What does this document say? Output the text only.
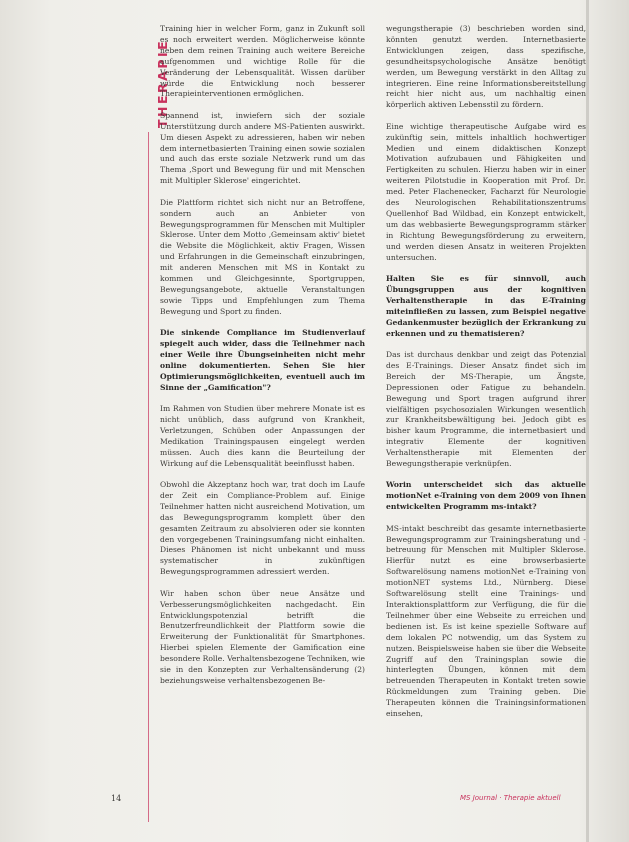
THERAPIE

Training hier in welcher Form, ganz in Zukunft soll es noch erweitert werden. Möglicherweise könnte neben dem reinen Training auch weitere Bereiche aufgenommen und wichtige Rolle für die Veränderung der Lebensqualität. Wissen darüber würde die Entwicklung noch besserer Therapieinterventionen ermöglichen.

Spannend ist, inwiefern sich der soziale Unterstützung durch andere MS-Patienten auswirkt. Um diesen Aspekt zu adressieren, haben wir neben dem internetbasierten Training einen sowie sozialen und auch das erste soziale Netzwerk rund um das Thema ‚Sport und Bewegung für und mit Menschen mit Multipler Sklerose' eingerichtet.

Die Plattform richtet sich nicht nur an Betroffene, sondern auch an Anbieter von Bewegungsprogrammen für Menschen mit Multipler Sklerose. Unter dem Motto ‚Gemeinsam aktiv' bietet die Website die Möglichkeit, aktiv Fragen, Wissen und Erfahrungen in die Gemeinschaft einzubringen, mit anderen Menschen mit MS in Kontakt zu kommen und Gleichgesinnte, Sportgruppen, Bewegungsangebote, aktuelle Veranstaltungen sowie Tipps und Empfehlungen zum Thema Bewegung und Sport zu finden.

Die sinkende Compliance im Studienverlauf spiegelt auch wider, dass die Teilnehmer nach einer Weile ihre Übungseinheiten nicht mehr online dokumentierten. Sehen Sie hier Optimierungsmöglichkeiten, eventuell auch im Sinne der „Gamification"?

Im Rahmen von Studien über mehrere Monate ist es nicht unüblich, dass aufgrund von Krankheit, Verletzungen, Schüben oder Anpassungen der Medikation Trainingspausen eingelegt werden müssen. Auch dies kann die Beurteilung der Wirkung auf die Lebensqualität beeinflusst haben.

Obwohl die Akzeptanz hoch war, trat doch im Laufe der Zeit ein Compliance-Problem auf. Einige Teilnehmer hatten nicht ausreichend Motivation, um das Bewegungsprogramm komplett über den gesamten Zeitraum zu absolvieren oder sie konnten den vorgegebenen Trainingsumfang nicht einhalten. Dieses Phänomen ist nicht unbekannt und muss systematischer in zukünftigen Bewegungsprogrammen adressiert werden.

Wir haben schon über neue Ansätze und Verbesserungsmöglichkeiten nachgedacht. Ein Entwicklungspotenzial betrifft die Benutzerfreundlichkeit der Plattform sowie die Erweiterung der Funktionalität für Smartphones. Hierbei spielen Elemente der Gamification eine besondere Rolle. Verhaltensbezogene Techniken, wie sie in den Konzepten zur Verhaltensänderung (2) beziehungsweise verhaltensbezogenen Be-

wegungstherapie (3) beschrieben worden sind, könnten genutzt werden. Internetbasierte Entwicklungen zeigen, dass spezifische, gesundheitspsychologische Ansätze benötigt werden, um Bewegung verstärkt in den Alltag zu integrieren. Eine reine Informationsbereitstellung reicht hier nicht aus, um nachhaltig einen körperlich aktiven Lebensstil zu fördern.

Eine wichtige therapeutische Aufgabe wird es zukünftig sein, mittels inhaltlich hochwertiger Medien und einem didaktischen Konzept Motivation aufzubauen und Fähigkeiten und Fertigkeiten zu schulen. Hierzu haben wir in einer weiteren Pilotstudie in Kooperation mit Prof. Dr. med. Peter Flachenecker, Facharzt für Neurologie des Neurologischen Rehabilitationszentrums Quellenhof Bad Wildbad, ein Konzept entwickelt, um das webbasierte Bewegungsprogramm stärker in Richtung Bewegungsförderung zu erweitern, und werden diesen Ansatz in weiteren Projekten untersuchen.

Halten Sie es für sinnvoll, auch Übungsgruppen aus der kognitiven Verhaltenstherapie in das E-Training miteinfließen zu lassen, zum Beispiel negative Gedankenmuster bezüglich der Erkrankung zu erkennen und zu thematisieren?

Das ist durchaus denkbar und zeigt das Potenzial des E-Trainings. Dieser Ansatz findet sich im Bereich der MS-Therapie, um Ängste, Depressionen oder Fatigue zu behandeln. Bewegung und Sport tragen aufgrund ihrer vielfältigen psychosozialen Wirkungen wesentlich zur Krankheitsbewältigung bei. Jedoch gibt es bisher kaum Programme, die internetbasiert und integrativ Elemente der kognitiven Verhaltenstherapie mit Elementen der Bewegungstherapie verknüpfen.

Worin unterscheidet sich das aktuelle motionNet e-Training von dem 2009 von Ihnen entwickelten Programm ms-intakt?

MS-intakt beschreibt das gesamte internetbasierte Bewegungsprogramm zur Trainingsberatung und -betreuung für Menschen mit Multipler Sklerose. Hierfür nutzt es eine browserbasierte Softwarelösung namens motionNet e-Training von motionNET systems Ltd., Nürnberg. Diese Softwarelösung stellt eine Trainings- und Interaktionsplattform zur Verfügung, die für die Teilnehmer über eine Webseite zu erreichen und bedienen ist. Es ist keine spezielle Software auf dem lokalen PC notwendig, um das System zu nutzen. Beispielsweise haben sie über die Webseite Zugriff auf den Trainingsplan sowie die hinterlegten Übungen, können mit dem betreuenden Therapeuten in Kontakt treten sowie Rückmeldungen zum Training geben. Die Therapeuten können die Trainingsinformationen einsehen,

14	MS Journal · Therapie aktuell
